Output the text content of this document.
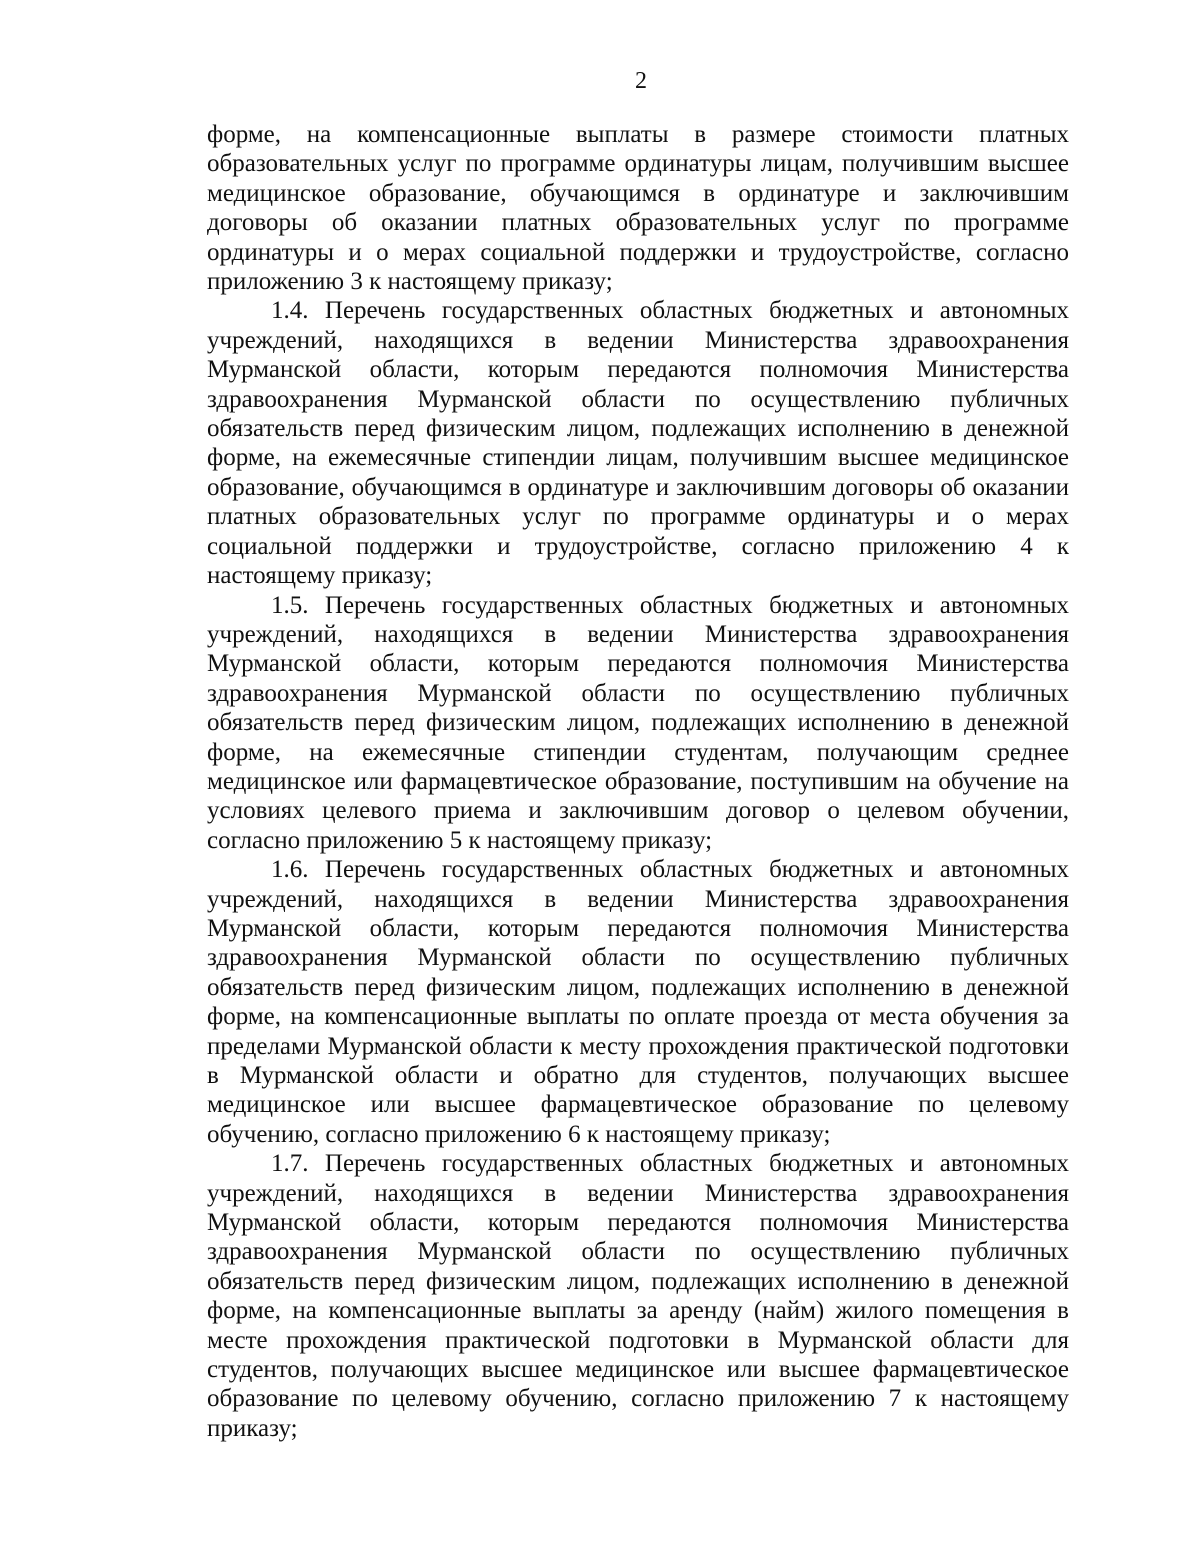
2

форме, на компенсационные выплаты в размере стоимости платных образовательных услуг по программе ординатуры лицам, получившим высшее медицинское образование, обучающимся в ординатуре и заключившим договоры об оказании платных образовательных услуг по программе ординатуры и о мерах социальной поддержки и трудоустройстве, согласно приложению 3 к настоящему приказу;

1.4. Перечень государственных областных бюджетных и автономных учреждений, находящихся в ведении Министерства здравоохранения Мурманской области, которым передаются полномочия Министерства здравоохранения Мурманской области по осуществлению публичных обязательств перед физическим лицом, подлежащих исполнению в денежной форме, на ежемесячные стипендии лицам, получившим высшее медицинское образование, обучающимся в ординатуре и заключившим договоры об оказании платных образовательных услуг по программе ординатуры и о мерах социальной поддержки и трудоустройстве, согласно приложению 4 к настоящему приказу;

1.5. Перечень государственных областных бюджетных и автономных учреждений, находящихся в ведении Министерства здравоохранения Мурманской области, которым передаются полномочия Министерства здравоохранения Мурманской области по осуществлению публичных обязательств перед физическим лицом, подлежащих исполнению в денежной форме, на ежемесячные стипендии студентам, получающим среднее медицинское или фармацевтическое образование, поступившим на обучение на условиях целевого приема и заключившим договор о целевом обучении, согласно приложению 5 к настоящему приказу;

1.6. Перечень государственных областных бюджетных и автономных учреждений, находящихся в ведении Министерства здравоохранения Мурманской области, которым передаются полномочия Министерства здравоохранения Мурманской области по осуществлению публичных обязательств перед физическим лицом, подлежащих исполнению в денежной форме, на компенсационные выплаты по оплате проезда от места обучения за пределами Мурманской области к месту прохождения практической подготовки в Мурманской области и обратно для студентов, получающих высшее медицинское или высшее фармацевтическое образование по целевому обучению, согласно приложению 6 к настоящему приказу;

1.7. Перечень государственных областных бюджетных и автономных учреждений, находящихся в ведении Министерства здравоохранения Мурманской области, которым передаются полномочия Министерства здравоохранения Мурманской области по осуществлению публичных обязательств перед физическим лицом, подлежащих исполнению в денежной форме, на компенсационные выплаты за аренду (найм) жилого помещения в месте прохождения практической подготовки в Мурманской области для студентов, получающих высшее медицинское или высшее фармацевтическое образование по целевому обучению, согласно приложению 7 к настоящему приказу;
